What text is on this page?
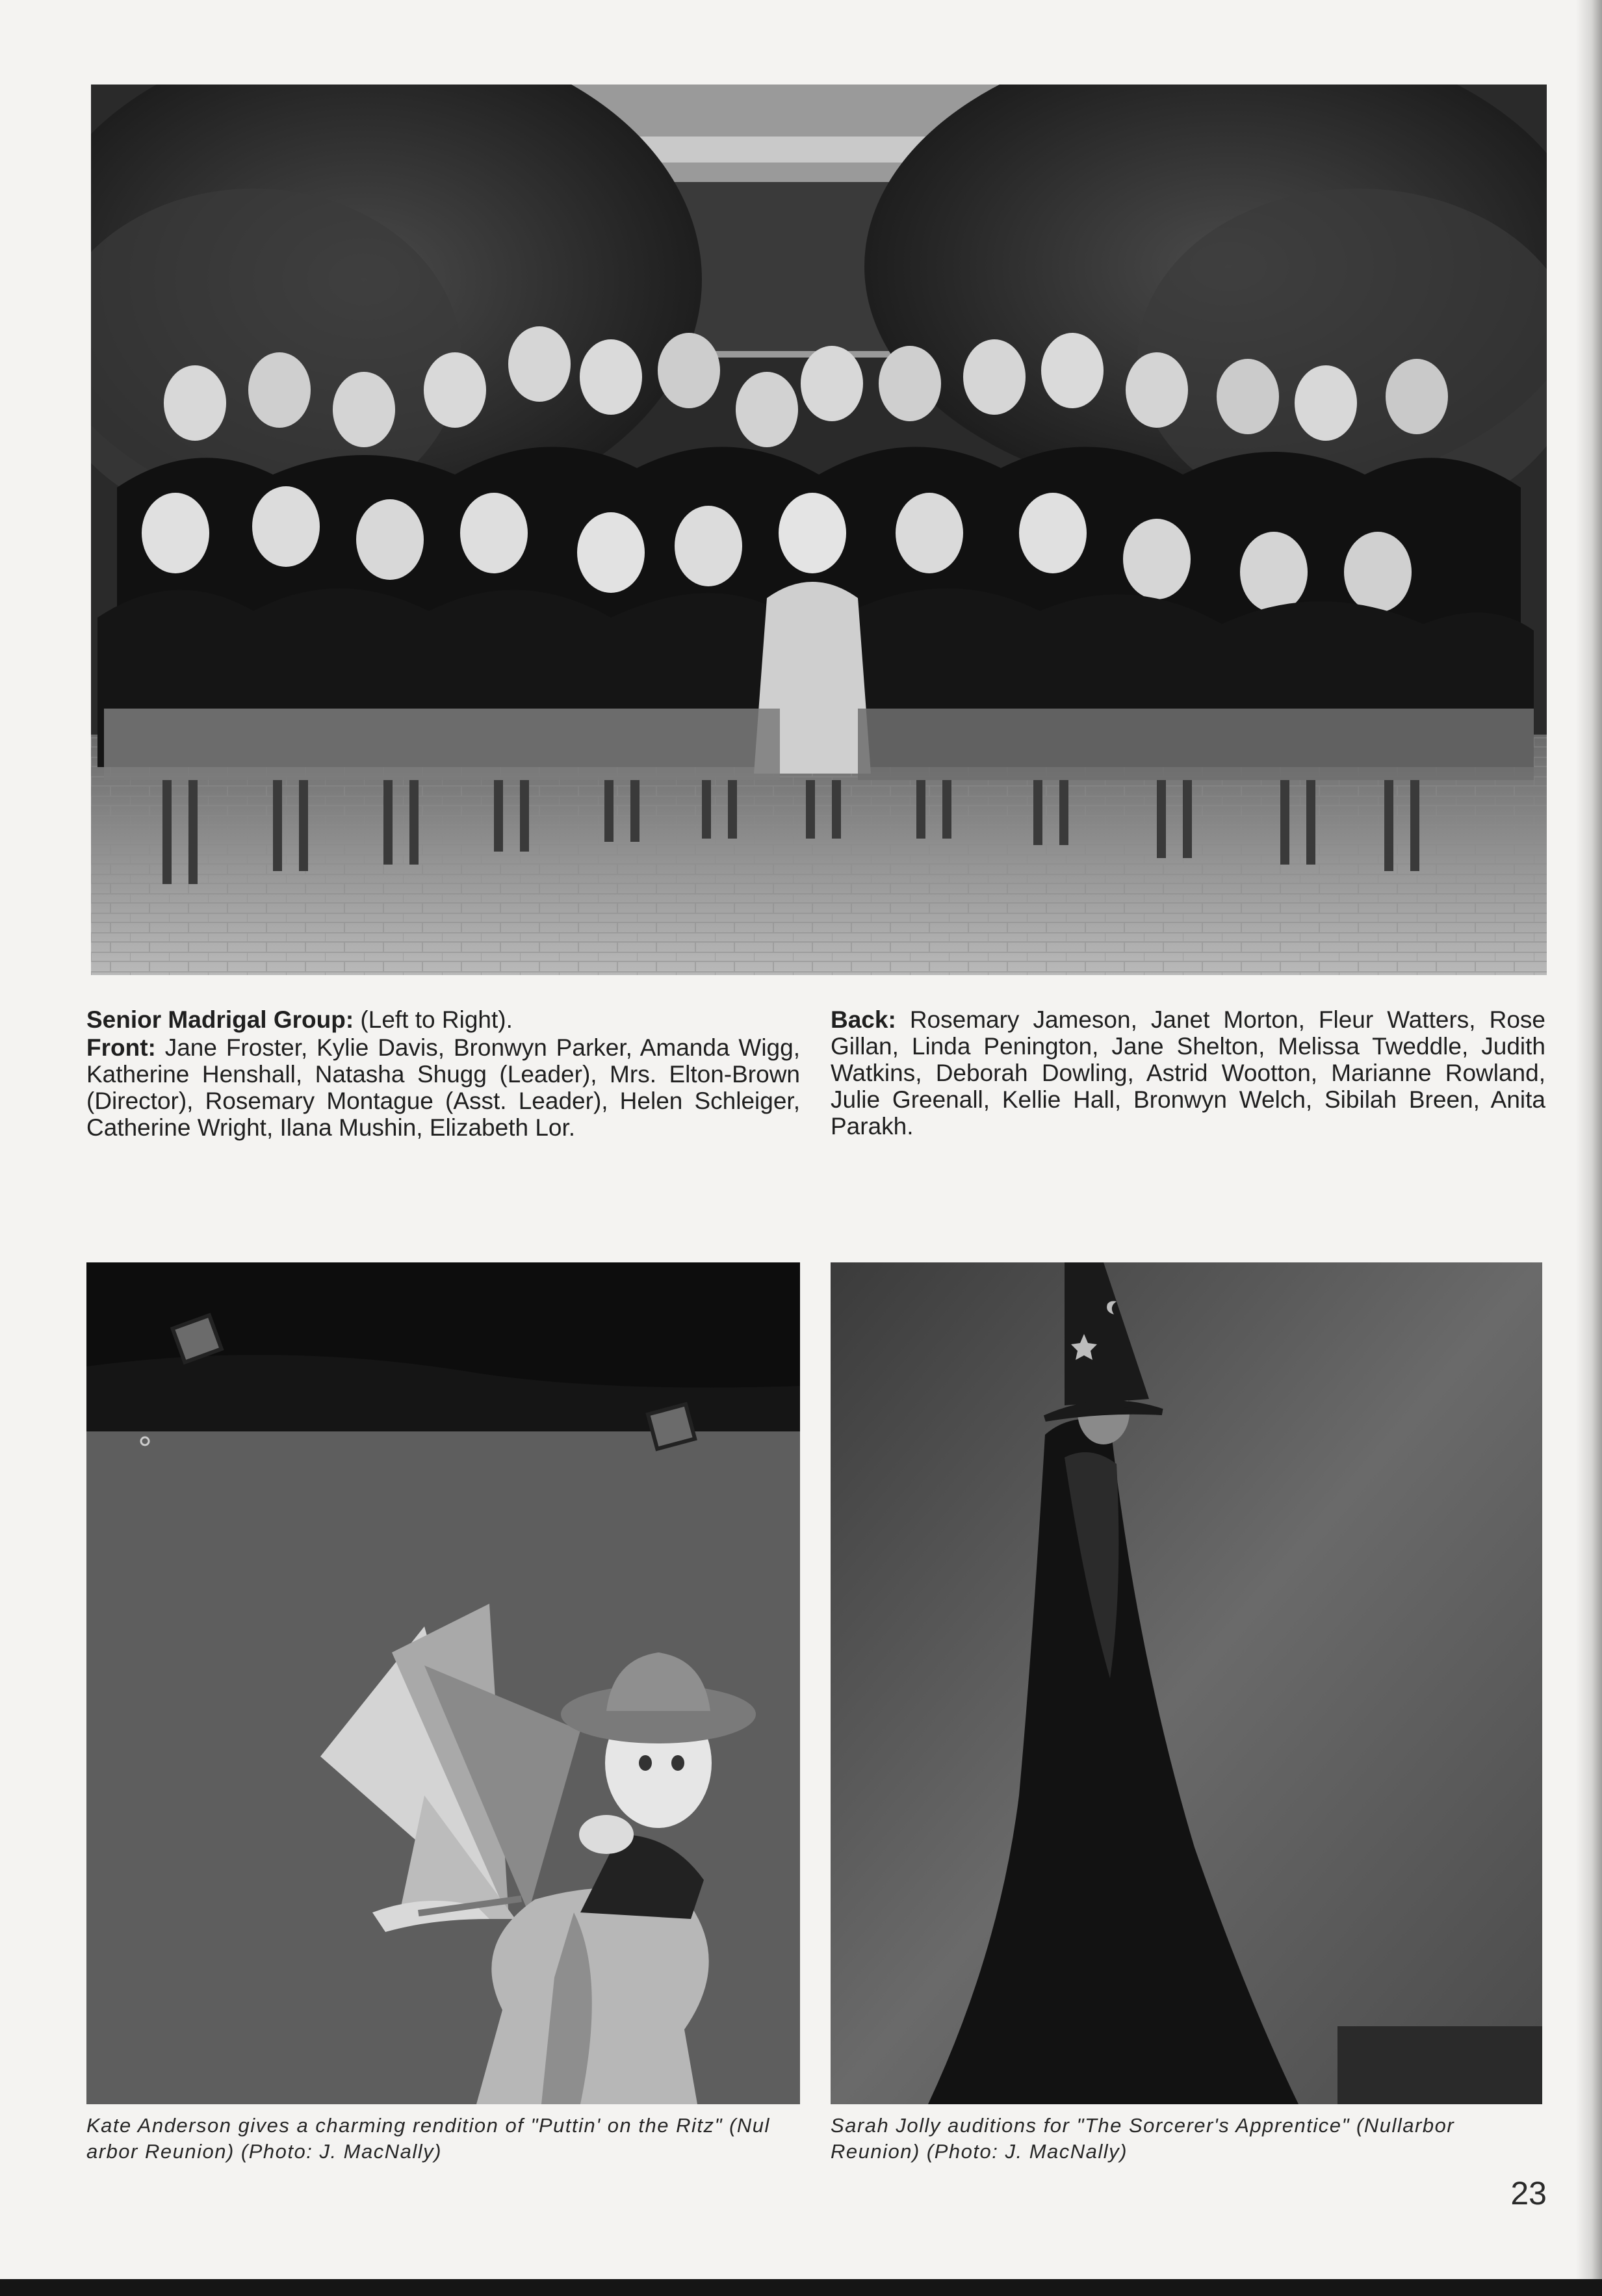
Senior Madrigal Group: (Left to Right).

Front: Jane Froster, Kylie Davis, Bronwyn Parker, Amanda Wigg, Katherine Henshall, Natasha Shugg (Leader), Mrs. Elton-Brown (Director), Rosemary Montague (Asst. Leader), Helen Schleiger, Catherine Wright, Ilana Mushin, Elizabeth Lor.

Back: Rosemary Jameson, Janet Morton, Fleur Watters, Rose Gillan, Linda Penington, Jane Shelton, Melissa Tweddle, Judith Watkins, Deborah Dowling, Astrid Wootton, Marianne Rowland, Julie Greenall, Kellie Hall, Bronwyn Welch, Sibilah Breen, Anita Parakh.

Kate Anderson gives a charming rendition of "Puttin' on the Ritz" (Nul arbor Reunion) (Photo: J. MacNally)
Sarah Jolly auditions for "The Sorcerer's Apprentice" (Nullarbor Reunion) (Photo: J. MacNally)
23
